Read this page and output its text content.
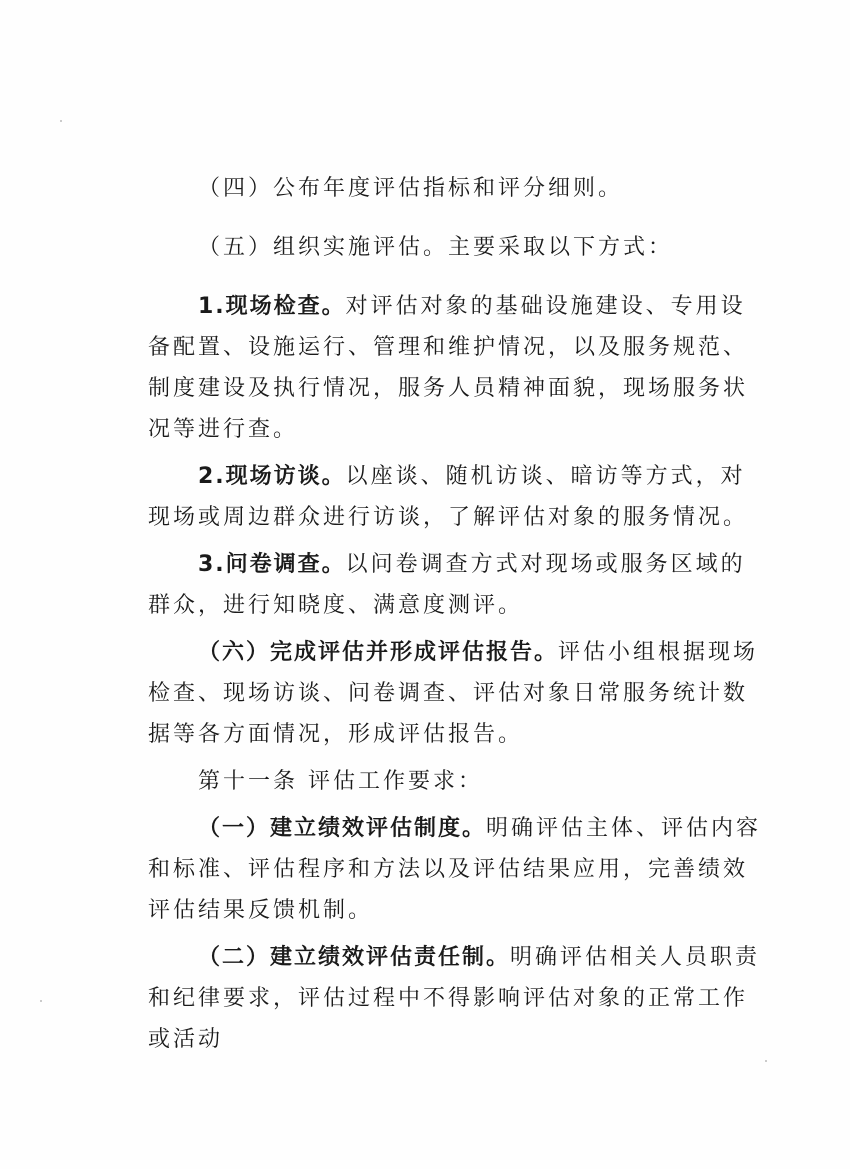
（四）公布年度评估指标和评分细则。

（五）组织实施评估。主要采取以下方式：

1.现场检查。对评估对象的基础设施建设、专用设备配置、设施运行、管理和维护情况，以及服务规范、制度建设及执行情况，服务人员精神面貌，现场服务状况等进行查。

2.现场访谈。以座谈、随机访谈、暗访等方式，对现场或周边群众进行访谈，了解评估对象的服务情况。

3.问卷调查。以问卷调查方式对现场或服务区域的群众，进行知晓度、满意度测评。

（六）完成评估并形成评估报告。评估小组根据现场检查、现场访谈、问卷调查、评估对象日常服务统计数据等各方面情况，形成评估报告。

第十一条 评估工作要求：

（一）建立绩效评估制度。明确评估主体、评估内容和标准、评估程序和方法以及评估结果应用，完善绩效评估结果反馈机制。

（二）建立绩效评估责任制。明确评估相关人员职责和纪律要求，评估过程中不得影响评估对象的正常工作或活动
